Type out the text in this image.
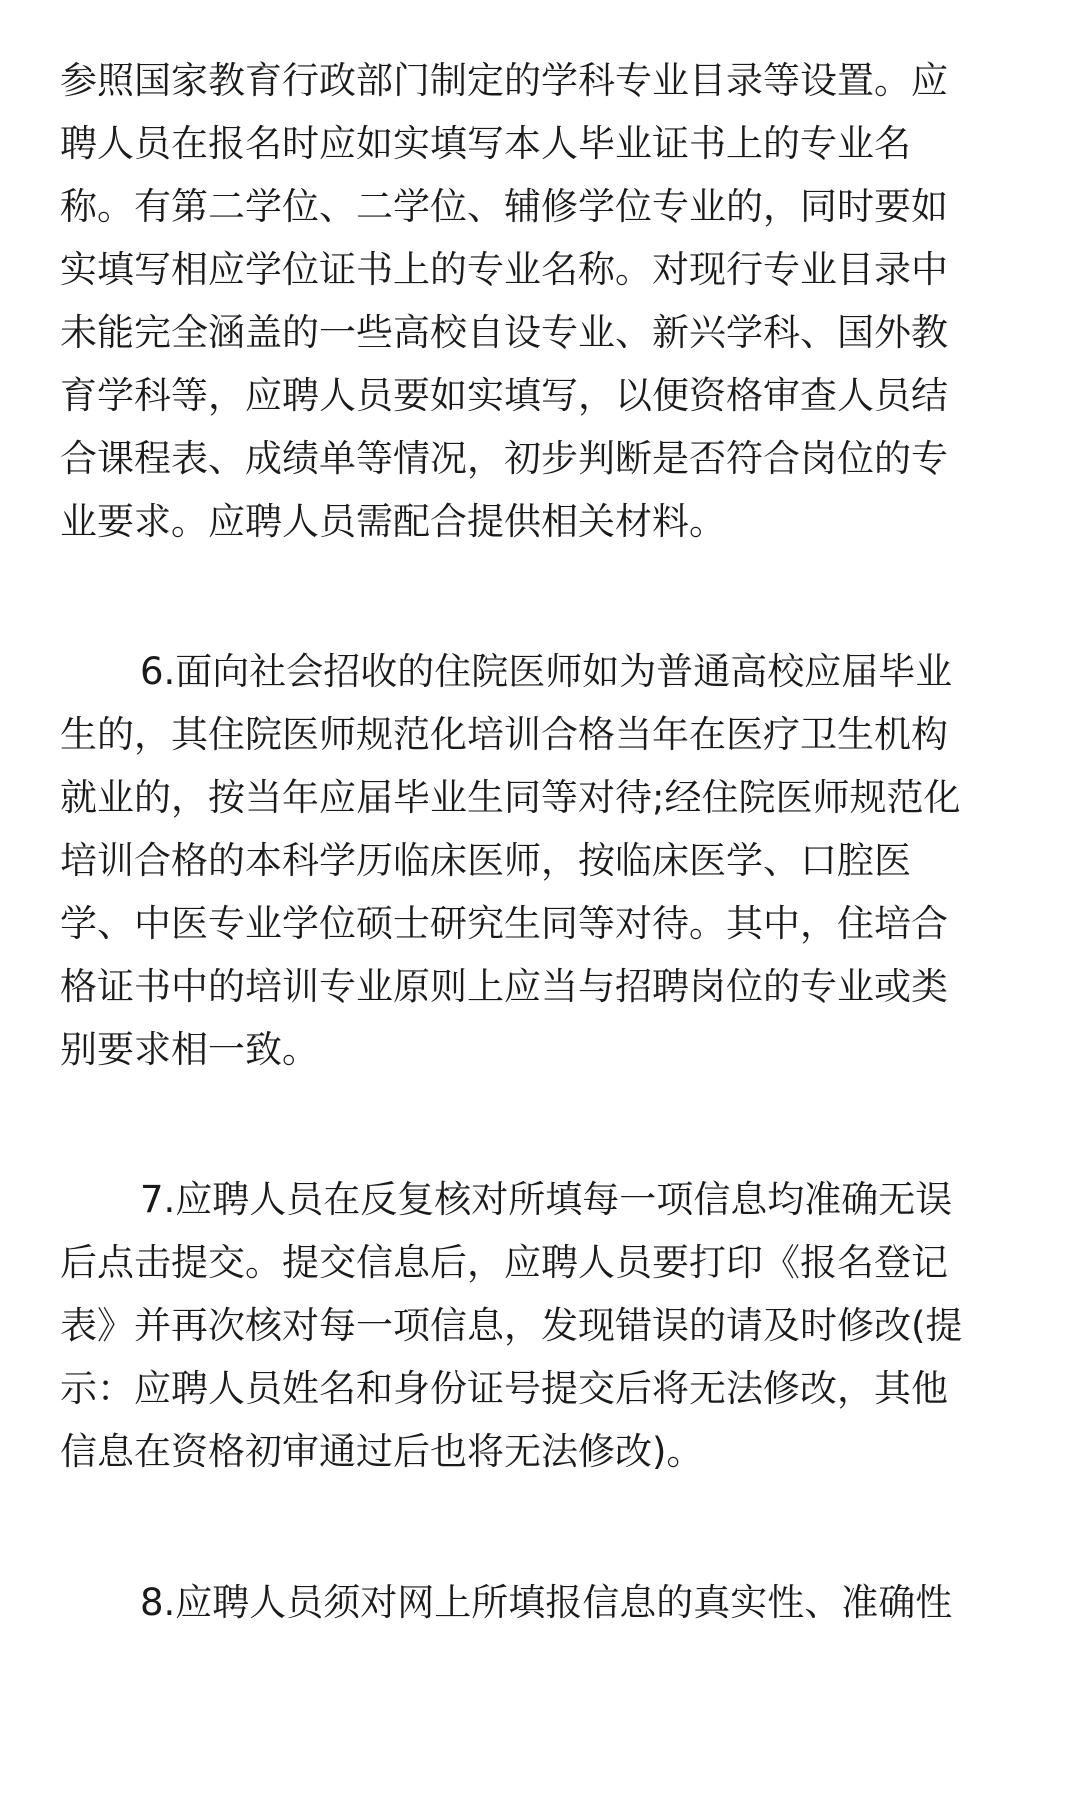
参照国家教育行政部门制定的学科专业目录等设置。应
聘人员在报名时应如实填写本人毕业证书上的专业名
称。有第二学位、二学位、辅修学位专业的，同时要如
实填写相应学位证书上的专业名称。对现行专业目录中
未能完全涵盖的一些高校自设专业、新兴学科、国外教
育学科等，应聘人员要如实填写，以便资格审查人员结
合课程表、成绩单等情况，初步判断是否符合岗位的专
业要求。应聘人员需配合提供相关材料。
6.面向社会招收的住院医师如为普通高校应届毕业
生的，其住院医师规范化培训合格当年在医疗卫生机构
就业的，按当年应届毕业生同等对待;经住院医师规范化
培训合格的本科学历临床医师，按临床医学、口腔医
学、中医专业学位硕士研究生同等对待。其中，住培合
格证书中的培训专业原则上应当与招聘岗位的专业或类
别要求相一致。
7.应聘人员在反复核对所填每一项信息均准确无误
后点击提交。提交信息后，应聘人员要打印《报名登记
表》并再次核对每一项信息，发现错误的请及时修改(提
示：应聘人员姓名和身份证号提交后将无法修改，其他
信息在资格初审通过后也将无法修改)。
8.应聘人员须对网上所填报信息的真实性、准确性
